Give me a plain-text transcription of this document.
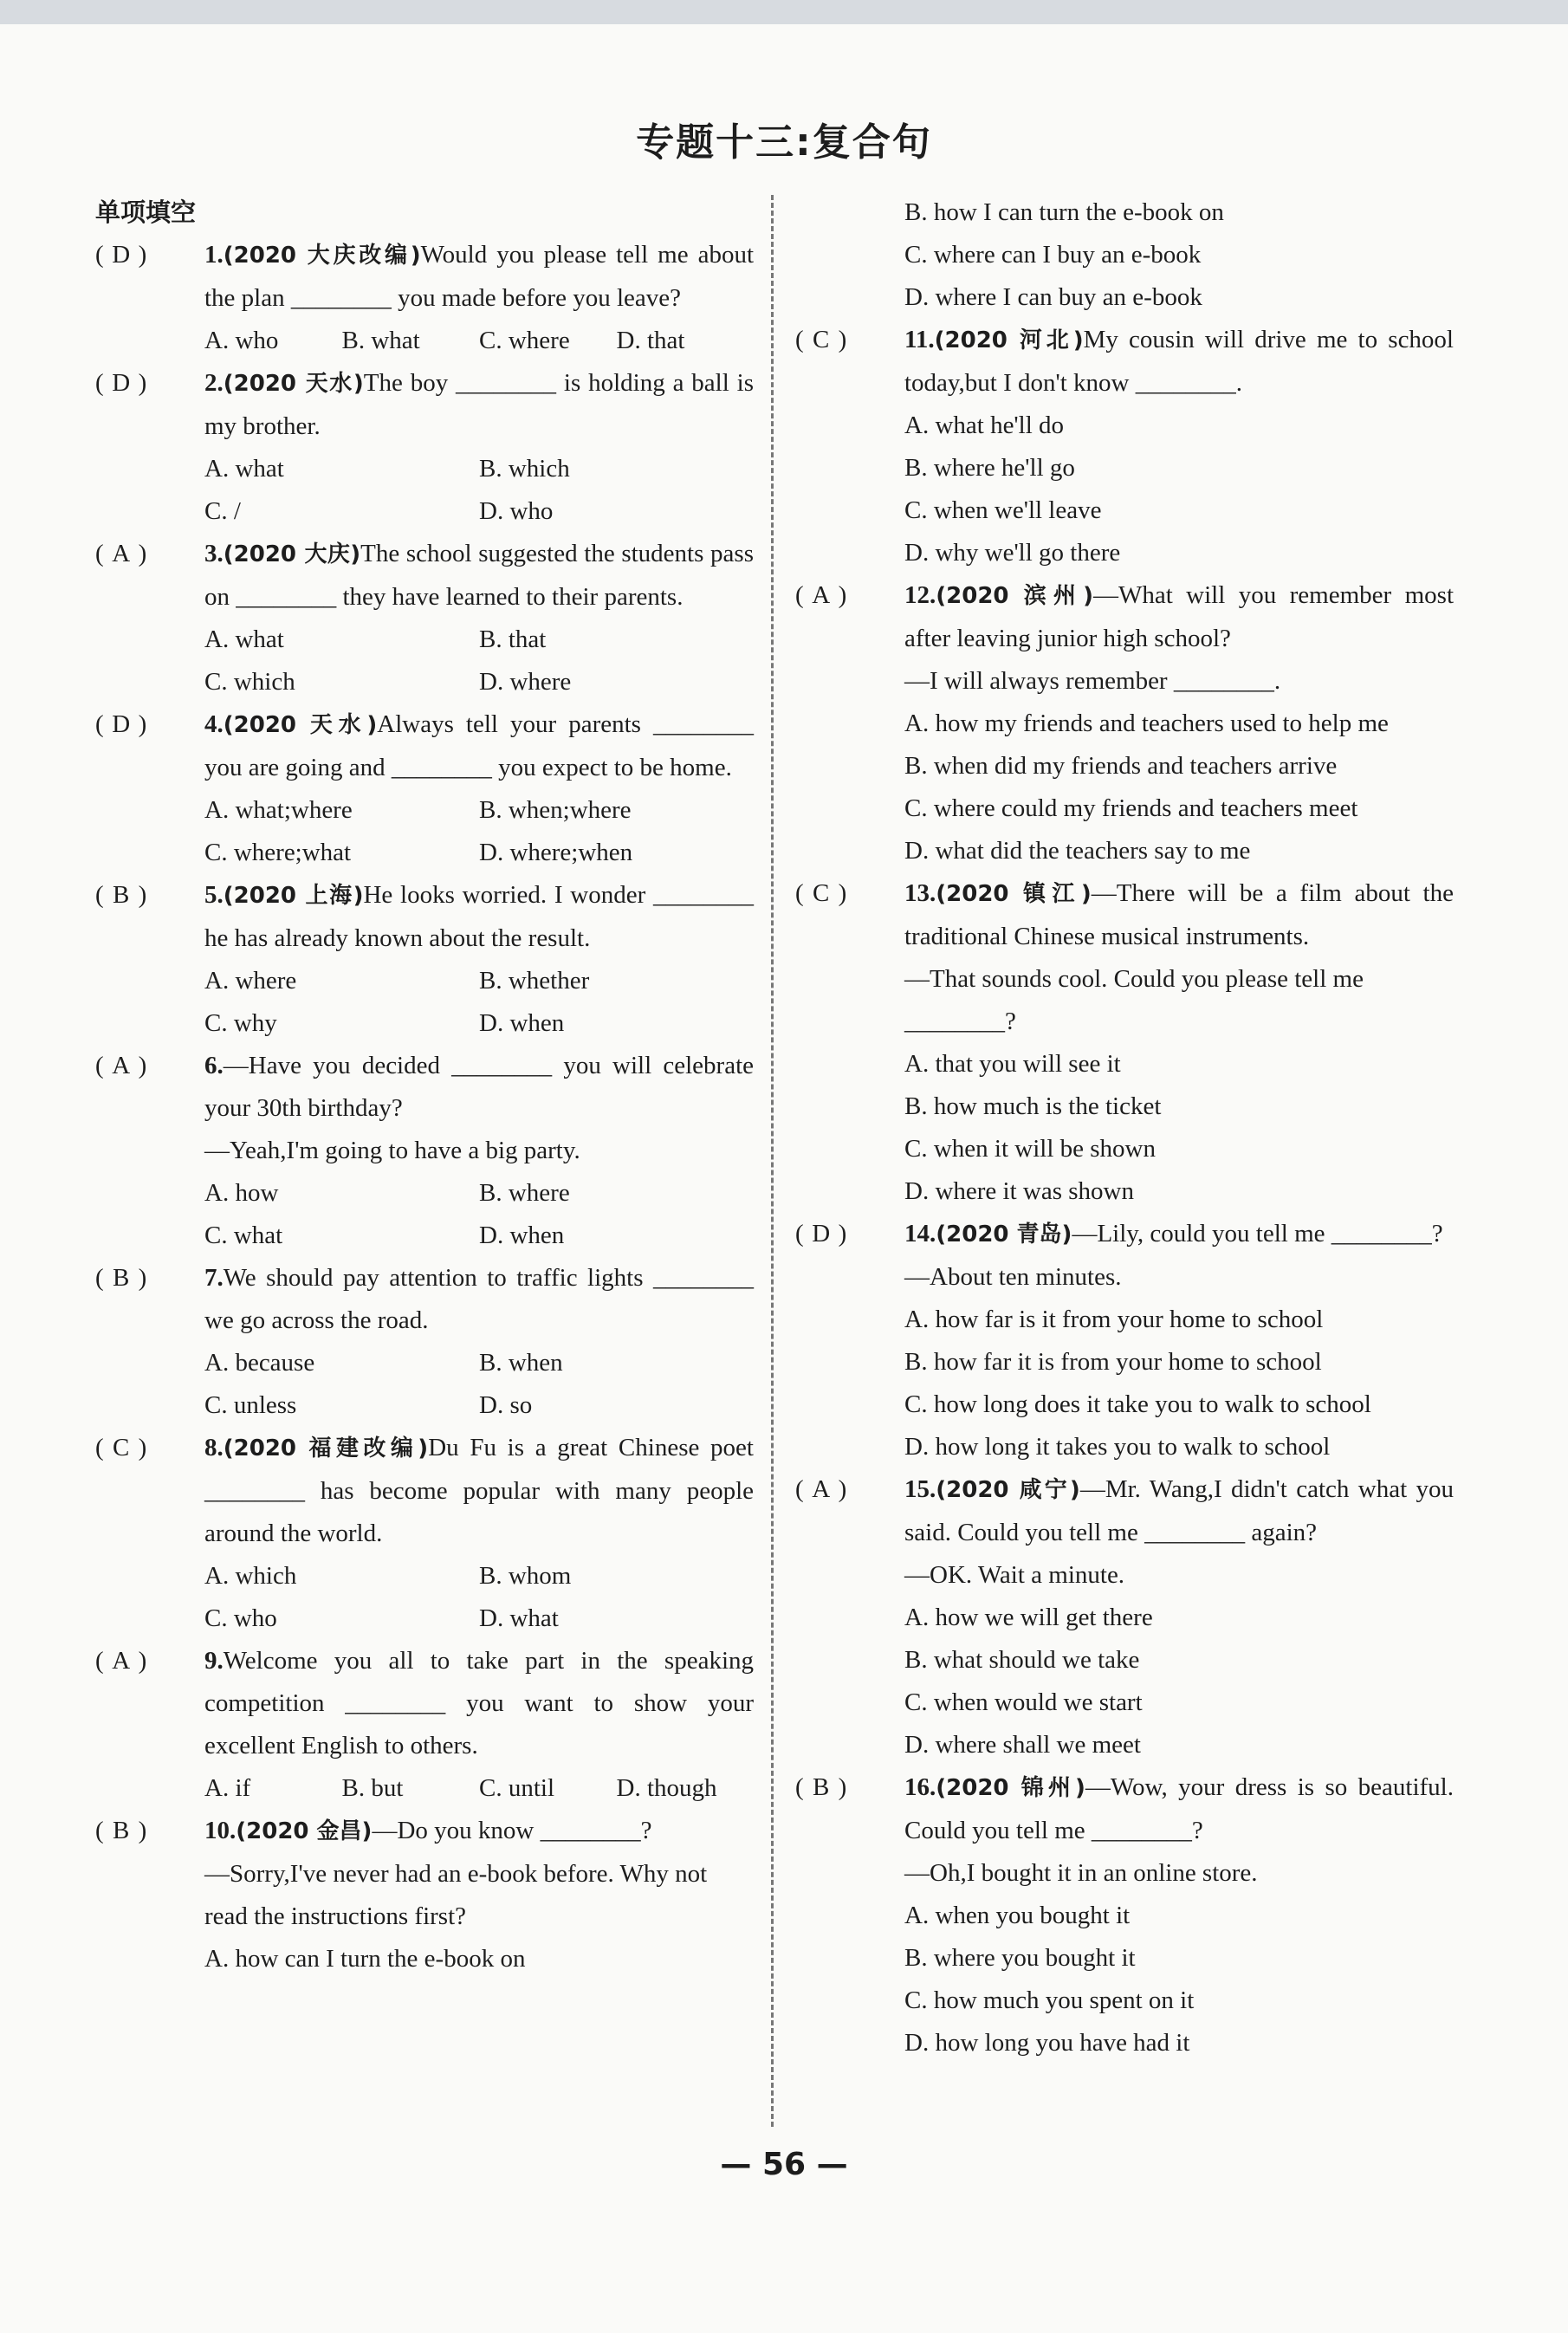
专题十三:复合句
单项填空
( D )	1.(2020 大庆改编)Would you please tell me about the plan ________ you made before you leave?
A. who	B. what	C. where	D. that
( D )	2.(2020 天水)The boy ________ is holding a ball is my brother.
A. what	B. which
C. /	D. who
( A )	3.(2020 大庆)The school suggested the students pass on ________ they have learned to their parents.
A. what	B. that
C. which	D. where
( D )	4.(2020 天水)Always tell your parents ________ you are going and ________ you expect to be home.
A. what;where	B. when;where
C. where;what	D. where;when
( B )	5.(2020 上海)He looks worried. I wonder ________ he has already known about the result.
A. where	B. whether
C. why	D. when
( A )	6.—Have you decided ________ you will celebrate your 30th birthday?
—Yeah,I'm going to have a big party.
A. how	B. where
C. what	D. when
( B )	7.We should pay attention to traffic lights ________ we go across the road.
A. because	B. when
C. unless	D. so
( C )	8.(2020 福建改编)Du Fu is a great Chinese poet ________ has become popular with many people around the world.
A. which	B. whom
C. who	D. what
( A )	9.Welcome you all to take part in the speaking competition ________ you want to show your excellent English to others.
A. if	B. but	C. until	D. though
( B )	10.(2020 金昌)—Do you know ________?
—Sorry,I've never had an e-book before. Why not read the instructions first?
A. how can I turn the e-book on
B. how I can turn the e-book on
C. where can I buy an e-book
D. where I can buy an e-book
( C )	11.(2020 河北)My cousin will drive me to school today,but I don't know ________.
A. what he'll do
B. where he'll go
C. when we'll leave
D. why we'll go there
( A )	12.(2020 滨州)—What will you remember most after leaving junior high school?
—I will always remember ________.
A. how my friends and teachers used to help me
B. when did my friends and teachers arrive
C. where could my friends and teachers meet
D. what did the teachers say to me
( C )	13.(2020 镇江)—There will be a film about the traditional Chinese musical instruments.
—That sounds cool. Could you please tell me ________?
A. that you will see it
B. how much is the ticket
C. when it will be shown
D. where it was shown
( D )	14.(2020 青岛)—Lily, could you tell me ________?
—About ten minutes.
A. how far is it from your home to school
B. how far it is from your home to school
C. how long does it take you to walk to school
D. how long it takes you to walk to school
( A )	15.(2020 咸宁)—Mr. Wang,I didn't catch what you said. Could you tell me ________ again?
—OK. Wait a minute.
A. how we will get there
B. what should we take
C. when would we start
D. where shall we meet
( B )	16.(2020 锦州)—Wow, your dress is so beautiful. Could you tell me ________?
—Oh,I bought it in an online store.
A. when you bought it
B. where you bought it
C. how much you spent on it
D. how long you have had it
— 56 —
